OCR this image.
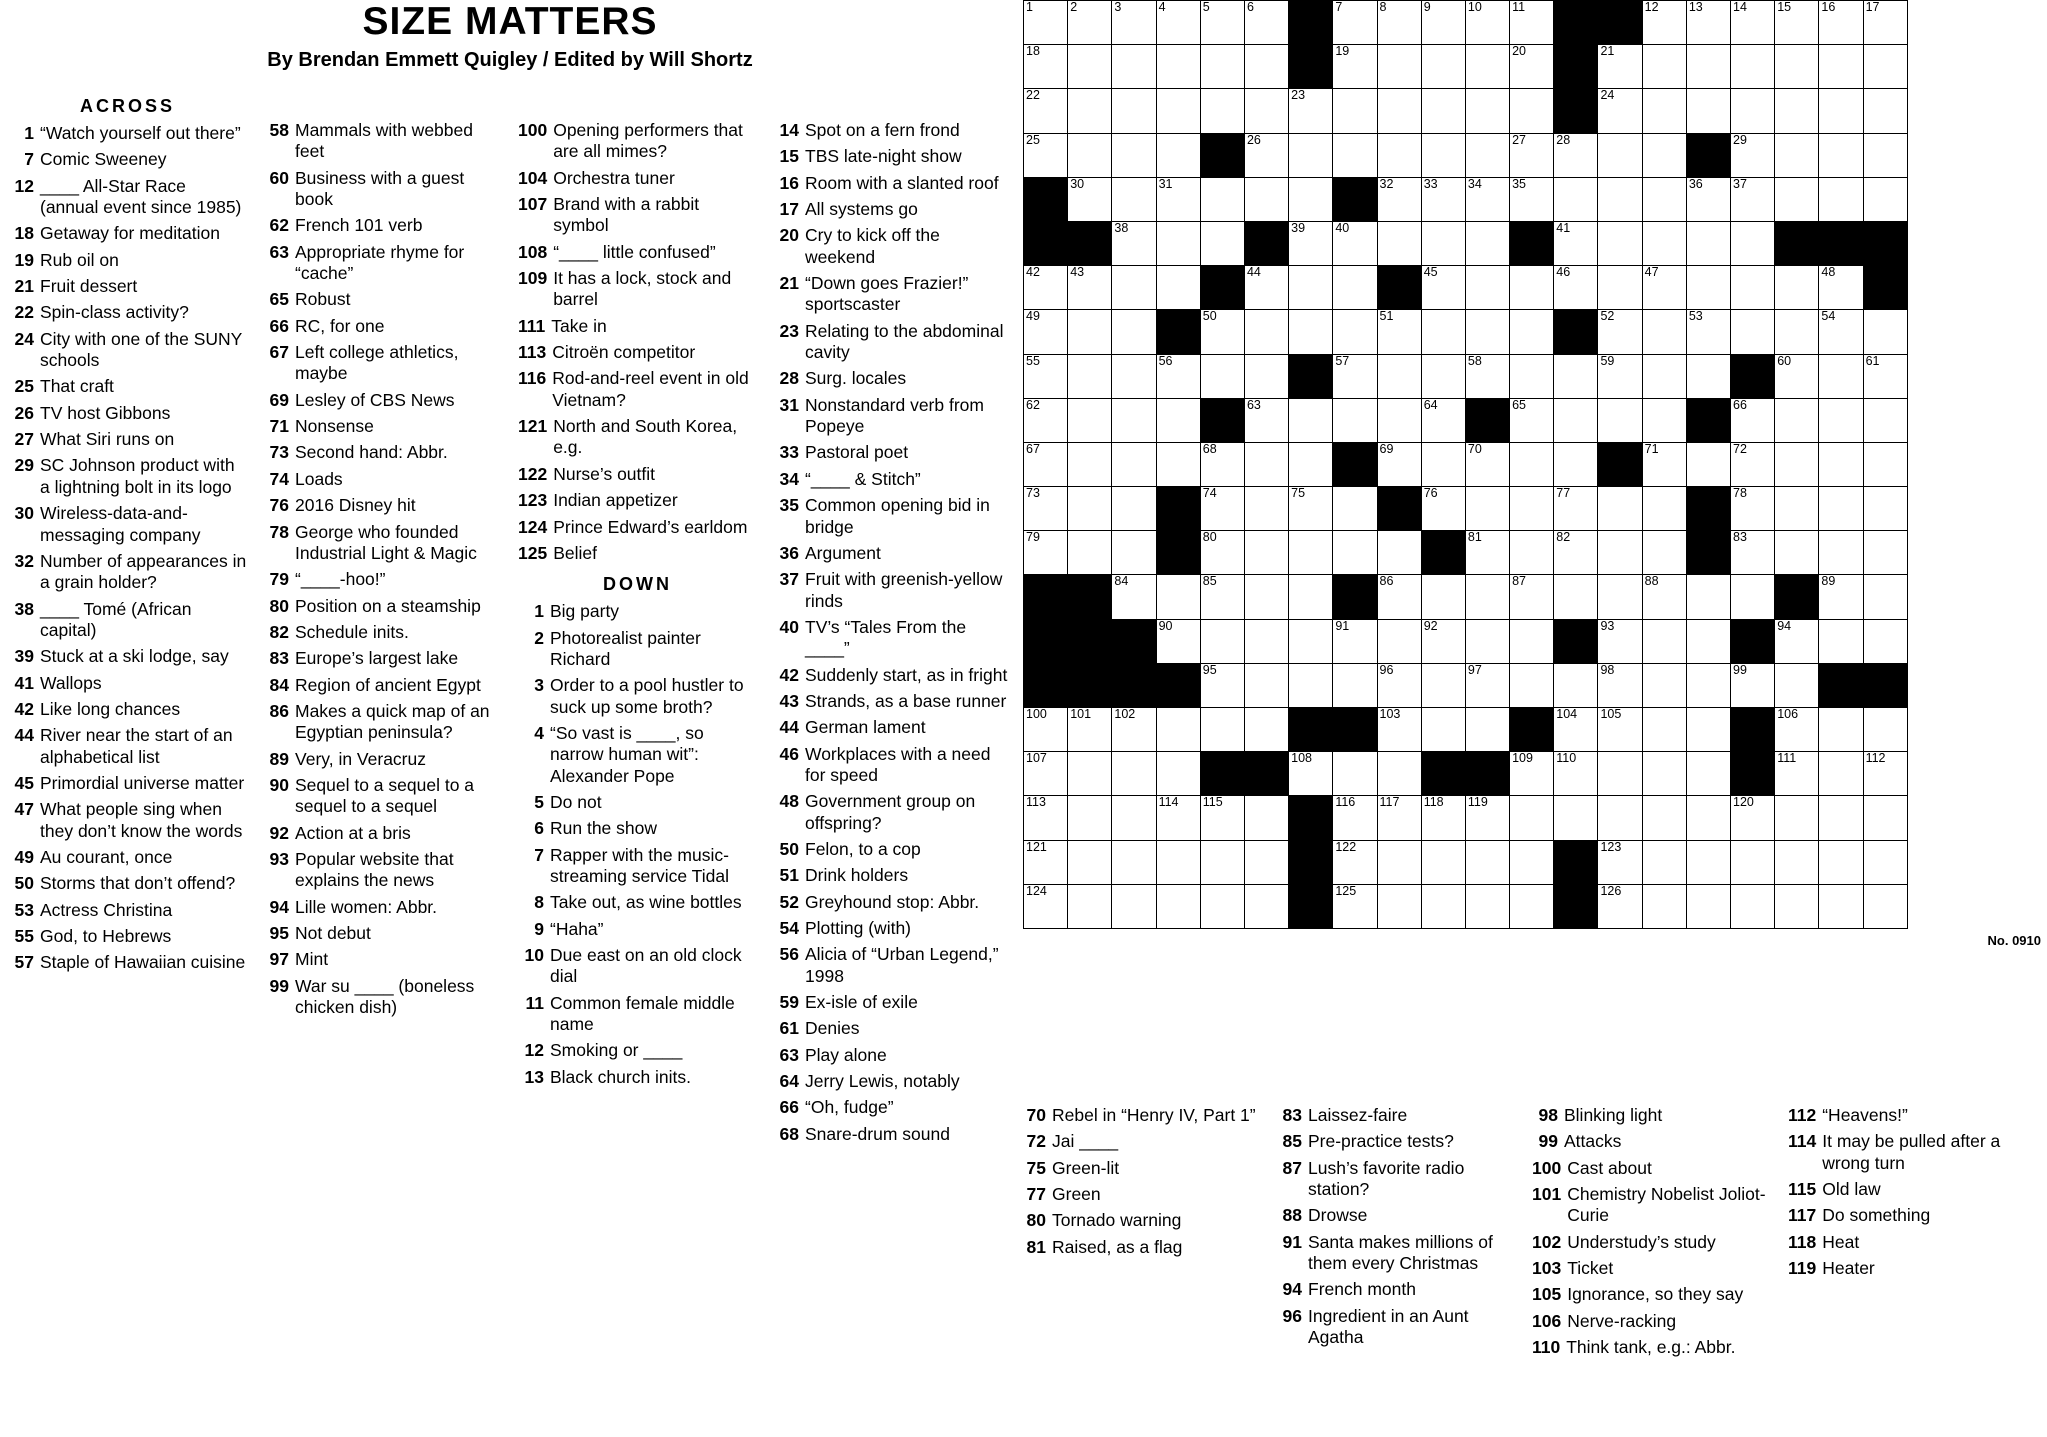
SIZE MATTERS
By Brendan Emmett Quigley / Edited by Will Shortz
ACROSS
1 “Watch yourself out there”
7 Comic Sweeney
12 ____ All-Star Race (annual event since 1985)
18 Getaway for meditation
19 Rub oil on
21 Fruit dessert
22 Spin-class activity?
24 City with one of the SUNY schools
25 That craft
26 TV host Gibbons
27 What Siri runs on
29 SC Johnson product with a lightning bolt in its logo
30 Wireless-data-and-messaging company
32 Number of appearances in a grain holder?
38 ____ Tomé (African capital)
39 Stuck at a ski lodge, say
41 Wallops
42 Like long chances
44 River near the start of an alphabetical list
45 Primordial universe matter
47 What people sing when they don’t know the words
49 Au courant, once
50 Storms that don’t offend?
53 Actress Christina
55 God, to Hebrews
57 Staple of Hawaiian cuisine
58 Mammals with webbed feet
60 Business with a guest book
62 French 101 verb
63 Appropriate rhyme for “cache”
65 Robust
66 RC, for one
67 Left college athletics, maybe
69 Lesley of CBS News
71 Nonsense
73 Second hand: Abbr.
74 Loads
76 2016 Disney hit
78 George who founded Industrial Light & Magic
79 “____-hoo!”
80 Position on a steamship
82 Schedule inits.
83 Europe’s largest lake
84 Region of ancient Egypt
86 Makes a quick map of an Egyptian peninsula?
89 Very, in Veracruz
90 Sequel to a sequel to a sequel to a sequel
92 Action at a bris
93 Popular website that explains the news
94 Lille women: Abbr.
95 Not debut
97 Mint
99 War su ____ (boneless chicken dish)
100 Opening performers that are all mimes?
104 Orchestra tuner
107 Brand with a rabbit symbol
108 “____ little confused”
109 It has a lock, stock and barrel
111 Take in
113 Citroën competitor
116 Rod-and-reel event in old Vietnam?
121 North and South Korea, e.g.
122 Nurse’s outfit
123 Indian appetizer
124 Prince Edward’s earldom
125 Belief
DOWN
1 Big party
2 Photorealist painter Richard
3 Order to a pool hustler to suck up some broth?
4 “So vast is ____, so narrow human wit”: Alexander Pope
5 Do not
6 Run the show
7 Rapper with the music-streaming service Tidal
8 Take out, as wine bottles
9 “Haha”
10 Due east on an old clock dial
11 Common female middle name
12 Smoking or ____
13 Black church inits.
14 Spot on a fern frond
15 TBS late-night show
16 Room with a slanted roof
17 All systems go
20 Cry to kick off the weekend
21 “Down goes Frazier!” sportscaster
23 Relating to the abdominal cavity
28 Surg. locales
31 Nonstandard verb from Popeye
33 Pastoral poet
34 “____ & Stitch”
35 Common opening bid in bridge
36 Argument
37 Fruit with greenish-yellow rinds
40 TV’s “Tales From the ____”
42 Suddenly start, as in fright
43 Strands, as a base runner
44 German lament
46 Workplaces with a need for speed
48 Government group on offspring?
50 Felon, to a cop
51 Drink holders
52 Greyhound stop: Abbr.
54 Plotting (with)
56 Alicia of “Urban Legend,” 1998
59 Ex-isle of exile
61 Denies
63 Play alone
64 Jerry Lewis, notably
66 “Oh, fudge”
68 Snare-drum sound
70 Rebel in “Henry IV, Part 1”
72 Jai ____
75 Green-lit
77 Green
80 Tornado warning
81 Raised, as a flag
83 Laissez-faire
85 Pre-practice tests?
87 Lush’s favorite radio station?
88 Drowse
91 Santa makes millions of them every Christmas
94 French month
96 Ingredient in an Aunt Agatha
98 Blinking light
99 Attacks
100 Cast about
101 Chemistry Nobelist Joliot-Curie
102 Understudy’s study
103 Ticket
105 Ignorance, so they say
106 Nerve-racking
110 Think tank, e.g.: Abbr.
112 “Heavens!”
114 It may be pulled after a wrong turn
115 Old law
117 Do something
118 Heat
119 Heater
1	2	3	4	5	6		7	8	9	10	11			12	13	14	15	16	17

18							19				20		21						

22						23							24						

25					26						27	28				29			

	30		31					32	33	34	35				36	37			

		38				39	40					41							

42	43				44				45			46		47				48	

49				50				51					52		53			54	

55			56				57			58			59				60		61

62					63				64		65					66			

67				68				69		70				71		72			

73				74		75			76			77				78			

79				80						81		82				83			

		84		85				86			87			88				89	

			90				91		92				93				94		

				95				96		97			98			99			

100	101	102						103				104	105				106		

107						108					109	110					111		112

113			114	115			116	117	118	119						120			

121							122						123						

124							125						126						

No. 0910
